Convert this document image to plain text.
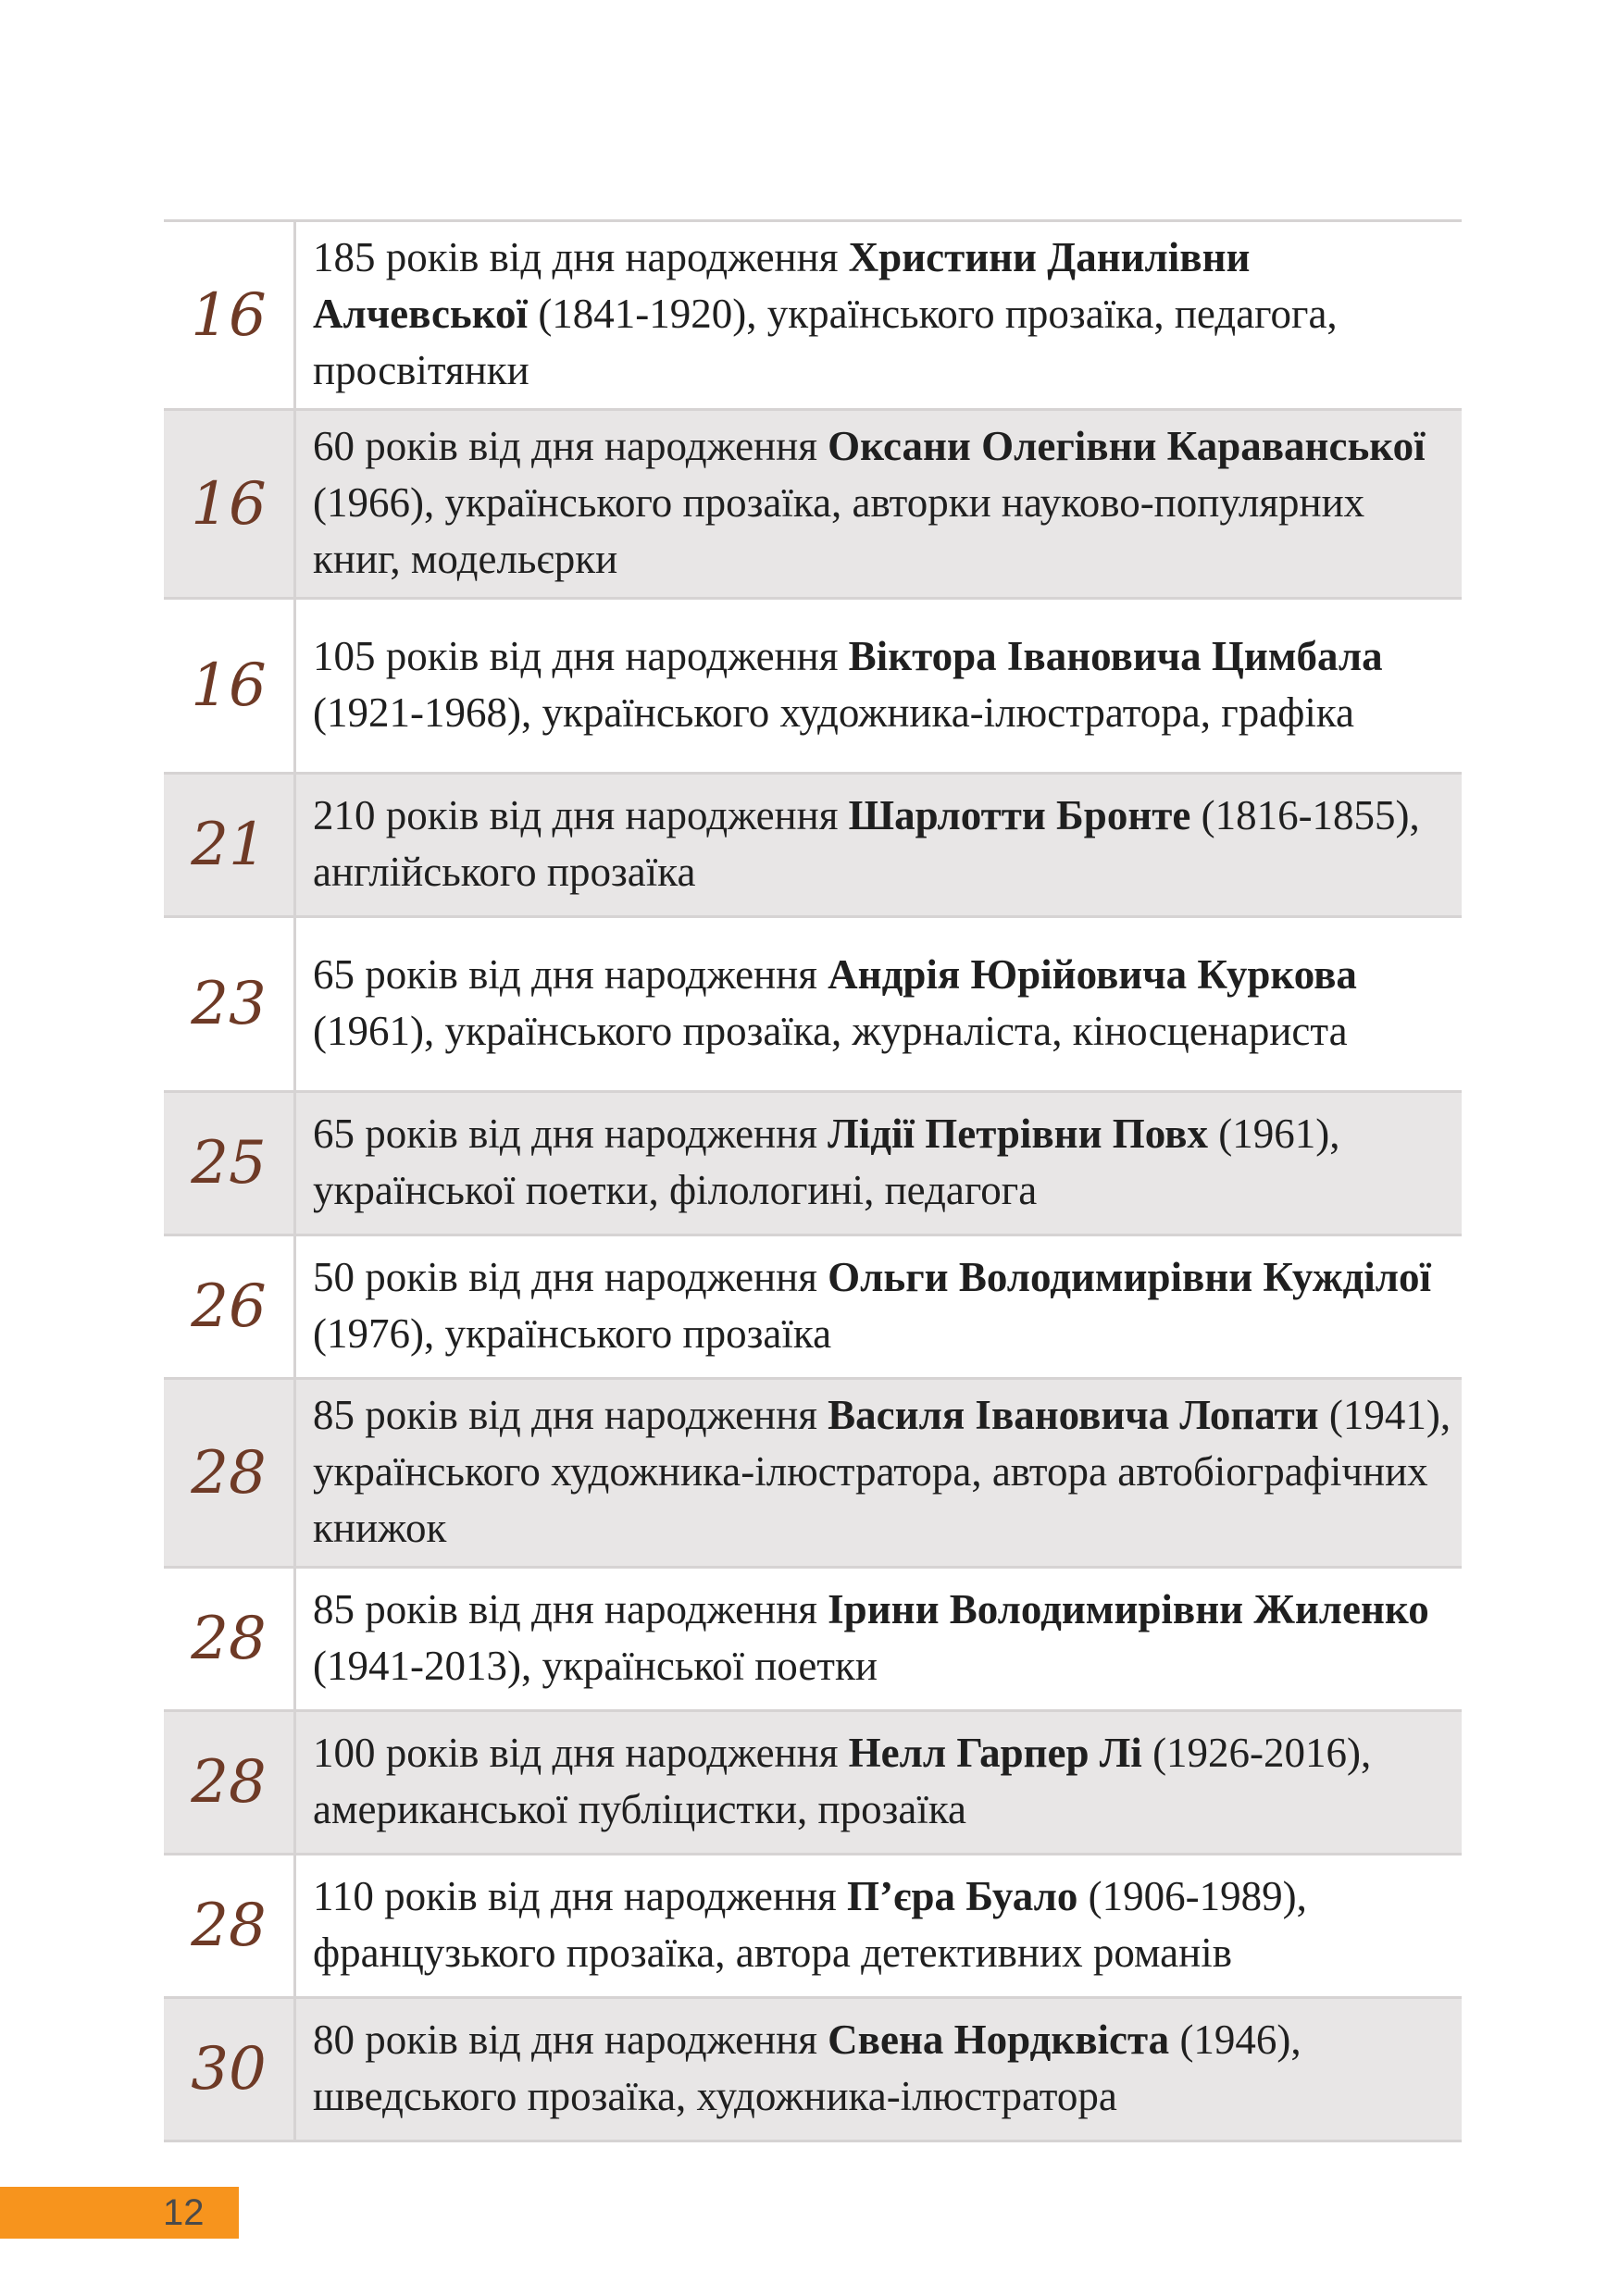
16	185 років від дня народження Христини Данилівни Алчевської (1841-1920), українського прозаїка, педагога, просвітянки
16	60 років від дня народження Оксани Олегівни Караванської (1966), українського прозаїка, авторки науково-популярних книг, модельєрки
16	105 років від дня народження Віктора Івановича Цимбала (1921-1968), українського художника-ілюстратора, графіка
21	210 років від дня народження Шарлотти Бронте (1816-1855), англійського прозаїка
23	65 років від дня народження Андрія Юрійовича Куркова (1961), українського прозаїка, журналіста, кіносценариста
25	65 років від дня народження Лідії Петрівни Повх (1961), української поетки, філологині, педагога
26	50 років від дня народження Ольги Володимирівни Кужділої (1976), українського прозаїка
28	85 років від дня народження Василя Івановича Лопати (1941), українського художника-ілюстратора, автора автобіографічних книжок
28	85 років від дня народження Ірини Володимирівни Жиленко (1941-2013), української поетки
28	100 років від дня народження Нелл Гарпер Лі (1926-2016), американської публіцистки, прозаїка
28	110 років від дня народження П’єра Буало (1906-1989), французького прозаїка, автора детективних романів
30	80 років від дня народження Свена Нордквіста (1946), шведського прозаїка, художника-ілюстратора
12
